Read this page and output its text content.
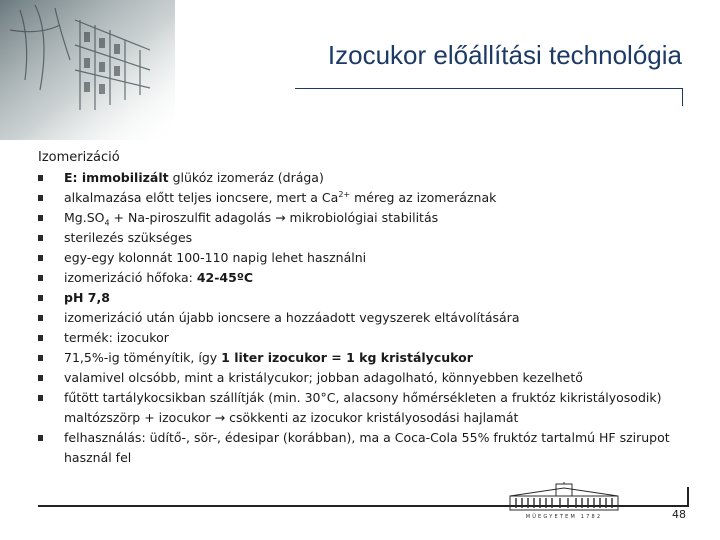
Izocukor előállítási technológia
Izomerizáció
E: immobilizált glükóz izomeráz (drága)
alkalmazása előtt teljes ioncsere, mert a $Ca^{2+}$ méreg az izomeráznak
$Mg.SO_4$ + Na-piroszulfit adagolás → mikrobiológiai stabilitás
sterilezés szükséges
egy-egy kolonnát 100-110 napig lehet használni
izomerizáció hőfoka: 42-45ºC
pH 7,8
izomerizáció után újabb ioncsere a hozzáadott vegyszerek eltávolítására
termék: izocukor
71,5%-ig töményítik, így 1 liter izocukor = 1 kg kristálycukor
valamivel olcsóbb, mint a kristálycukor; jobban adagolható, könnyebben kezelhető
fűtött tartálykocsikban szállítják (min. 30°C, alacsony hőmérsékleten a fruktóz kikristályosodik)
maltózszörp + izocukor → csökkenti az izocukor kristályosodási hajlamát
felhasználás: üdítő-, sör-, édesipar (korábban), ma a Coca-Cola 55% fruktóz tartalmú HF szirupot
használ fel
MŰEGYETEM 1782	48
